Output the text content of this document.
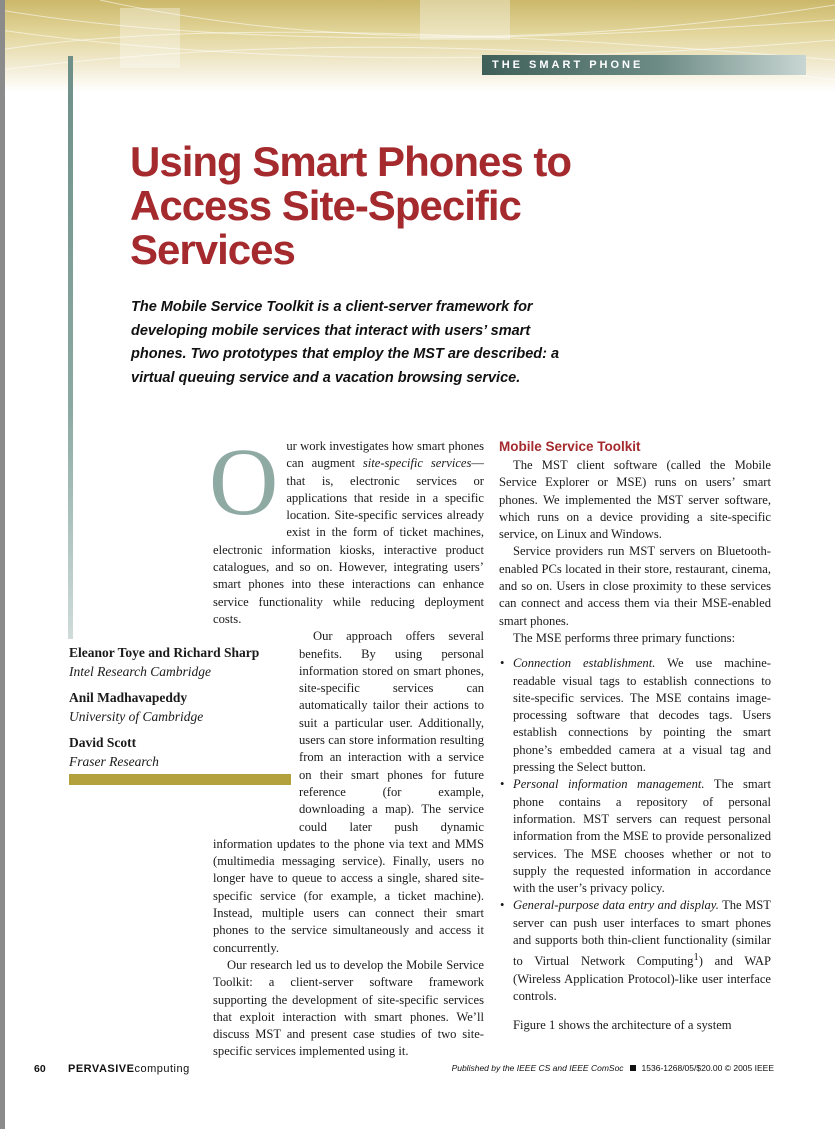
THE SMART PHONE
Using Smart Phones to
Access Site-Specific
Services

The Mobile Service Toolkit is a client-server framework for developing mobile services that interact with users’ smart phones. Two prototypes that employ the MST are described: a virtual queuing service and a vacation browsing service.

Eleanor Toye and Richard Sharp
Intel Research Cambridge
Anil Madhavapeddy
University of Cambridge
David Scott
Fraser Research

Our work investigates how smart phones can augment site-specific services—that is, electronic services or applications that reside in a specific location. Site-specific services already exist in the form of ticket machines, electronic information kiosks, interactive product catalogues, and so on. However, integrating users’ smart phones into these interactions can enhance service functionality while reducing deployment costs.

Our approach offers several benefits. By using personal information stored on smart phones, site-specific services can automatically tailor their actions to suit a particular user. Additionally, users can store information resulting from an interaction with a service on their smart phones for future reference (for example, downloading a map). The service could later push dynamic information updates to the phone via text and MMS (multimedia messaging service). Finally, users no longer have to queue to access a single, shared site-specific service (for example, a ticket machine). Instead, multiple users can connect their smart phones to the service simultaneously and access it concurrently.

Our research led us to develop the Mobile Service Toolkit: a client-server software framework supporting the development of site-specific services that exploit interaction with smart phones. We’ll discuss MST and present case studies of two site-specific services implemented using it.

Mobile Service Toolkit

The MST client software (called the Mobile Service Explorer or MSE) runs on users’ smart phones. We implemented the MST server software, which runs on a device providing a site-specific service, on Linux and Windows.

Service providers run MST servers on Bluetooth-enabled PCs located in their store, restaurant, cinema, and so on. Users in close proximity to these services can connect and access them via their MSE-enabled smart phones.

The MSE performs three primary functions:

• Connection establishment. We use machine-readable visual tags to establish connections to site-specific services. The MSE contains image-processing software that decodes tags. Users establish connections by pointing the smart phone’s embedded camera at a visual tag and pressing the Select button.
• Personal information management. The smart phone contains a repository of personal information. MST servers can request personal information from the MSE to provide personalized services. The MSE chooses whether or not to supply the requested information in accordance with the user’s privacy policy.
• General-purpose data entry and display. The MST server can push user interfaces to smart phones and supports both thin-client functionality (similar to Virtual Network Computing$^1$) and WAP (Wireless Application Protocol)-like user interface controls.

Figure 1 shows the architecture of a system

60 PERVASIVEcomputing	Published by the IEEE CS and IEEE ComSoc 1536-1268/05/$20.00 © 2005 IEEE
